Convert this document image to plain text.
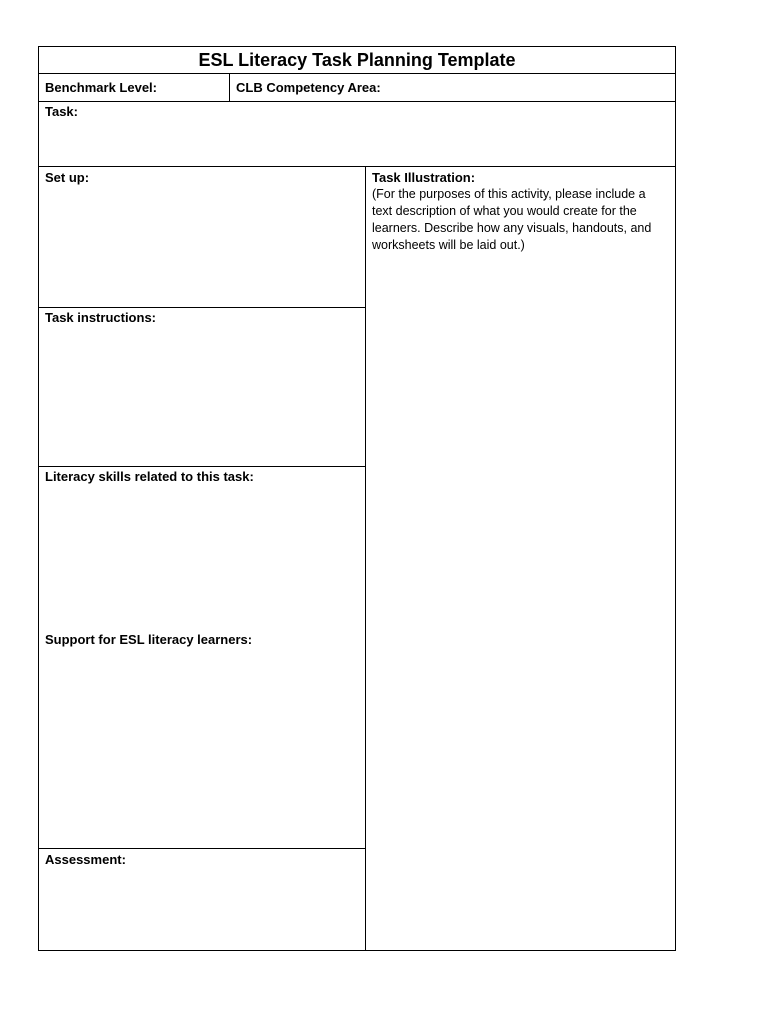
ESL Literacy Task Planning Template
Benchmark Level:	CLB Competency Area:
Task:
Set up:
Task instructions:
Literacy skills related to this task:
Support for ESL literacy learners:
Assessment:
Task Illustration:
(For the purposes of this activity, please include a
text description of what you would create for the
learners. Describe how any visuals, handouts, and
worksheets will be laid out.)
